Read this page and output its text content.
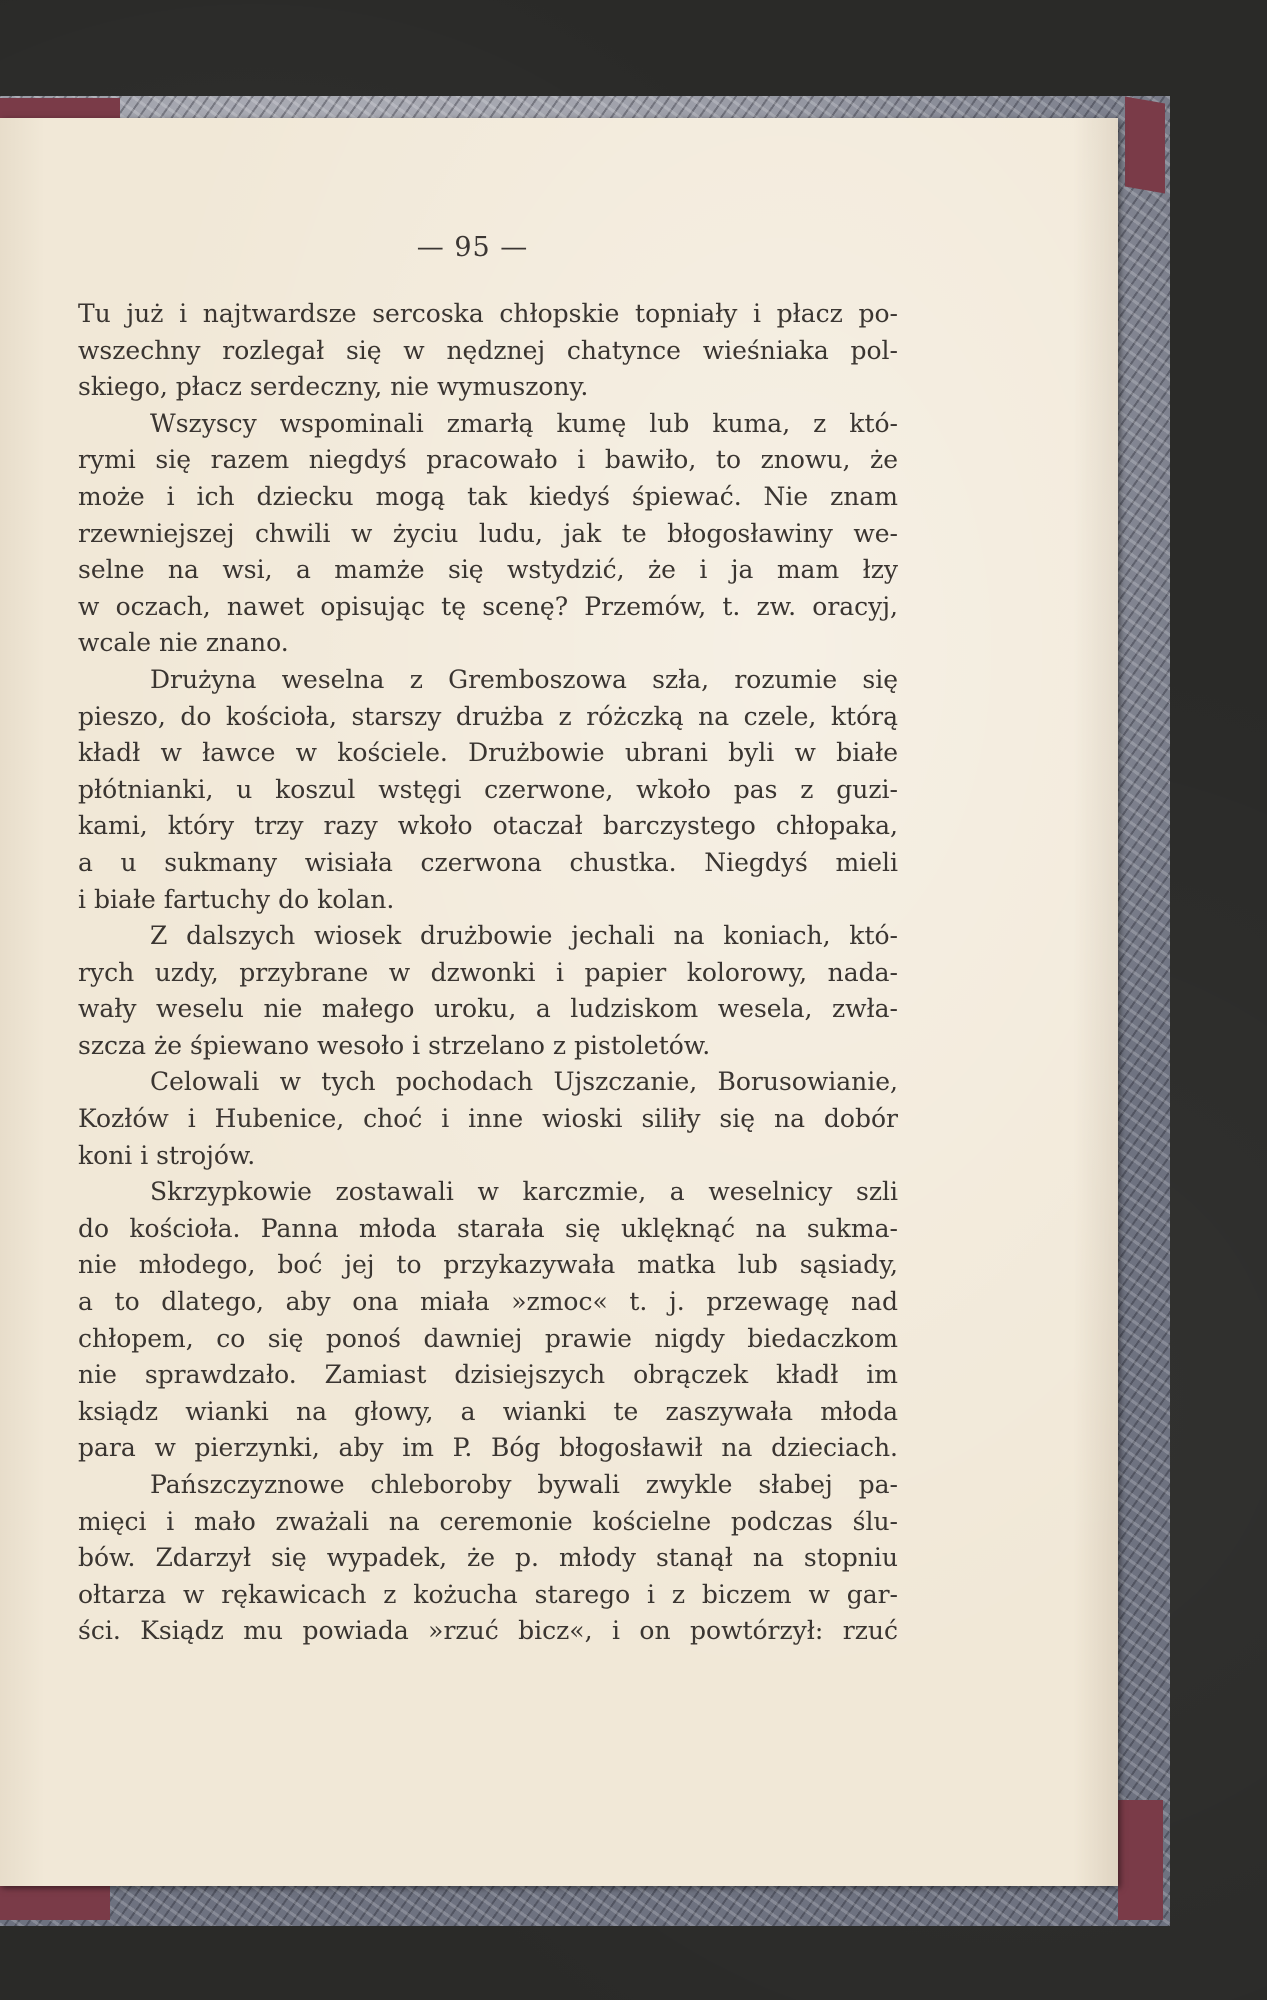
— 95 —
Tu już i najtwardsze sercoska chłopskie topniały i płacz po-
wszechny rozlegał się w nędznej chatynce wieśniaka pol-
skiego, płacz serdeczny, nie wymuszony.
Wszyscy wspominali zmarłą kumę lub kuma, z któ-
rymi się razem niegdyś pracowało i bawiło, to znowu, że
może i ich dziecku mogą tak kiedyś śpiewać. Nie znam
rzewniejszej chwili w życiu ludu, jak te błogosławiny we-
selne na wsi, a mamże się wstydzić, że i ja mam łzy
w oczach, nawet opisując tę scenę? Przemów, t. zw. oracyj,
wcale nie znano.
Drużyna weselna z Gremboszowa szła, rozumie się
pieszo, do kościoła, starszy drużba z różczką na czele, którą
kładł w ławce w kościele. Drużbowie ubrani byli w białe
płótnianki, u koszul wstęgi czerwone, wkoło pas z guzi-
kami, który trzy razy wkoło otaczał barczystego chłopaka,
a u sukmany wisiała czerwona chustka. Niegdyś mieli
i białe fartuchy do kolan.
Z dalszych wiosek drużbowie jechali na koniach, któ-
rych uzdy, przybrane w dzwonki i papier kolorowy, nada-
wały weselu nie małego uroku, a ludziskom wesela, zwła-
szcza że śpiewano wesoło i strzelano z pistoletów.
Celowali w tych pochodach Ujszczanie, Borusowianie,
Kozłów i Hubenice, choć i inne wioski siliły się na dobór
koni i strojów.
Skrzypkowie zostawali w karczmie, a weselnicy szli
do kościoła. Panna młoda starała się uklęknąć na sukma-
nie młodego, boć jej to przykazywała matka lub sąsiady,
a to dlatego, aby ona miała »zmoc« t. j. przewagę nad
chłopem, co się ponoś dawniej prawie nigdy biedaczkom
nie sprawdzało. Zamiast dzisiejszych obrączek kładł im
ksiądz wianki na głowy, a wianki te zaszywała młoda
para w pierzynki, aby im P. Bóg błogosławił na dzieciach.
Pańszczyznowe chleboroby bywali zwykle słabej pa-
mięci i mało zważali na ceremonie kościelne podczas ślu-
bów. Zdarzył się wypadek, że p. młody stanął na stopniu
ołtarza w rękawicach z kożucha starego i z biczem w gar-
ści. Ksiądz mu powiada »rzuć bicz«, i on powtórzył: rzuć
